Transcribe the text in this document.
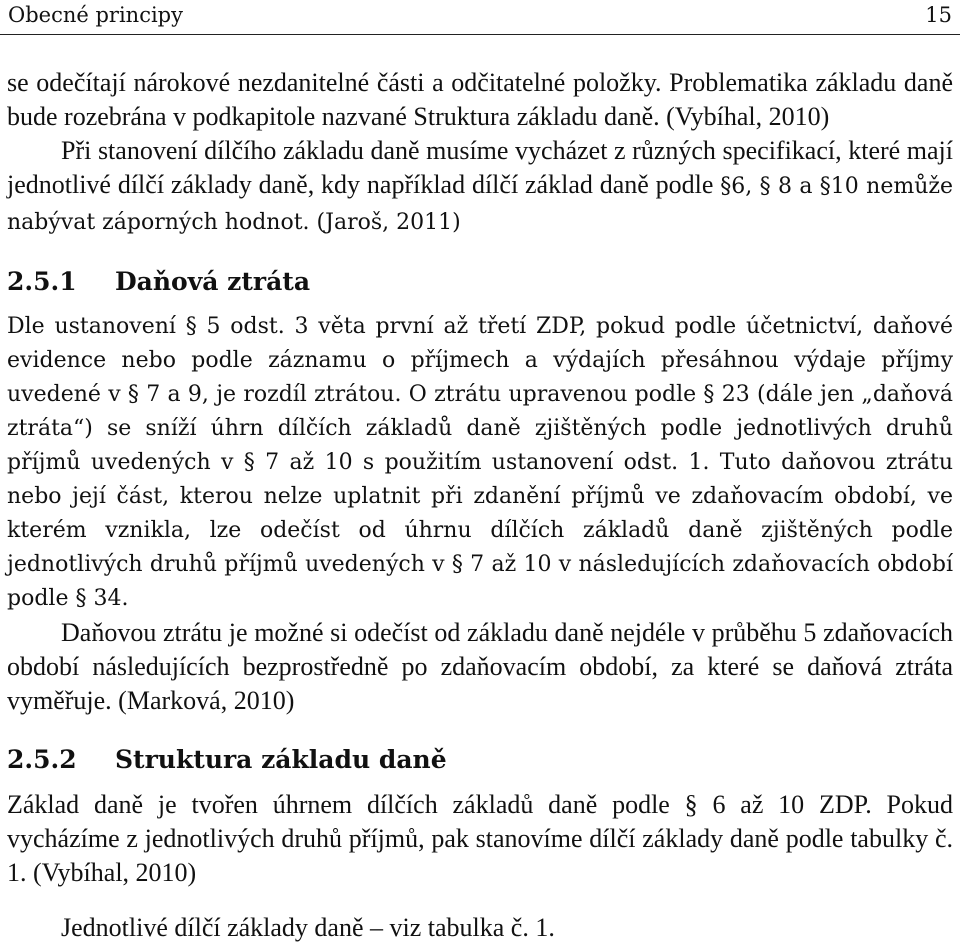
Obecné principy	15

se odečítají nárokové nezdanitelné části a odčitatelné položky. Problematika základu daně bude rozebrána v podkapitole nazvané Struktura základu daně. (Vybíhal, 2010)

Při stanovení dílčího základu daně musíme vycházet z různých specifikací, které mají jednotlivé dílčí základy daně, kdy například dílčí základ daně podle §6, § 8 a §10 nemůže nabývat záporných hodnot. (Jaroš, 2011)

2.5.1 Daňová ztráta

Dle ustanovení § 5 odst. 3 věta první až třetí ZDP, pokud podle účetnictví, daňové evidence nebo podle záznamu o příjmech a výdajích přesáhnou výdaje příjmy uvedené v § 7 a 9, je rozdíl ztrátou. O ztrátu upravenou podle § 23 (dále jen „daňová ztráta“) se sníží úhrn dílčích základů daně zjištěných podle jednotlivých druhů příjmů uvedených v § 7 až 10 s použitím ustanovení odst. 1. Tuto daňovou ztrátu nebo její část, kterou nelze uplatnit při zdanění příjmů ve zdaňovacím období, ve kterém vznikla, lze odečíst od úhrnu dílčích základů daně zjištěných podle jednotlivých druhů příjmů uvedených v § 7 až 10 v následujících zdaňovacích období podle § 34.

Daňovou ztrátu je možné si odečíst od základu daně nejdéle v průběhu 5 zdaňovacích období následujících bezprostředně po zdaňovacím období, za které se daňová ztráta vyměřuje. (Marková, 2010)

2.5.2 Struktura základu daně

Základ daně je tvořen úhrnem dílčích základů daně podle § 6 až 10 ZDP. Pokud vycházíme z jednotlivých druhů příjmů, pak stanovíme dílčí základy daně podle tabulky č. 1. (Vybíhal, 2010)

Jednotlivé dílčí základy daně – viz tabulka č. 1.
